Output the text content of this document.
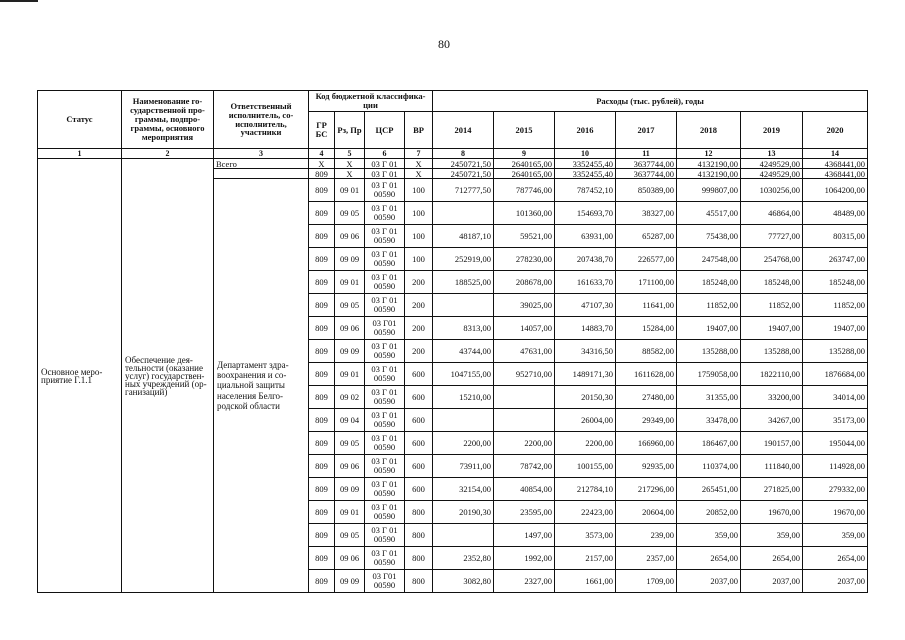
80
Статус	Наименование го-сударственной про-граммы, подпро-граммы, основного мероприятия	Ответственный исполнитель, со-исполнитель, участники	Код бюджетной классифика-ции				Расходы (тыс. рублей), годы						
			ГР БС	Рз, Пр	ЦСР	ВР	2014	2015	2016	2017	2018	2019	2020
1	2	3	4	5	6	7	8	9	10	11	12	13	14
Основное меро-приятие Г.1.1	Обеспечение дея-тельности (оказание услуг) государствен-ных учреждений (ор-ганизаций)	Всего	X	X	03 Г 01	X	2450721,50	2640165,00	3352455,40	3637744,00	4132190,00	4249529,00	4368441,00
			809	X	03 Г 01	X	2450721,50	2640165,00	3352455,40	3637744,00	4132190,00	4249529,00	4368441,00
		Департамент здра-воохранения и со-циальной защиты населения Белго-родской области	809	09 01	03 Г 01 00590	100	712777,50	787746,00	787452,10	850389,00	999807,00	1030256,00	1064200,00
			809	09 05	03 Г 01 00590	100		101360,00	154693,70	38327,00	45517,00	46864,00	48489,00
			809	09 06	03 Г 01 00590	100	48187,10	59521,00	63931,00	65287,00	75438,00	77727,00	80315,00
			809	09 09	03 Г 01 00590	100	252919,00	278230,00	207438,70	226577,00	247548,00	254768,00	263747,00
			809	09 01	03 Г 01 00590	200	188525,00	208678,00	161633,70	171100,00	185248,00	185248,00	185248,00
			809	09 05	03 Г 01 00590	200		39025,00	47107,30	11641,00	11852,00	11852,00	11852,00
			809	09 06	03 Г01 00590	200	8313,00	14057,00	14883,70	15284,00	19407,00	19407,00	19407,00
			809	09 09	03 Г 01 00590	200	43744,00	47631,00	34316,50	88582,00	135288,00	135288,00	135288,00
			809	09 01	03 Г 01 00590	600	1047155,00	952710,00	1489171,30	1611628,00	1759058,00	1822110,00	1876684,00
			809	09 02	03 Г 01 00590	600	15210,00		20150,30	27480,00	31355,00	33200,00	34014,00
			809	09 04	03 Г 01 00590	600			26004,00	29349,00	33478,00	34267,00	35173,00
			809	09 05	03 Г 01 00590	600	2200,00	2200,00	2200,00	166960,00	186467,00	190157,00	195044,00
			809	09 06	03 Г 01 00590	600	73911,00	78742,00	100155,00	92935,00	110374,00	111840,00	114928,00
			809	09 09	03 Г 01 00590	600	32154,00	40854,00	212784,10	217296,00	265451,00	271825,00	279332,00
			809	09 01	03 Г 01 00590	800	20190,30	23595,00	22423,00	20604,00	20852,00	19670,00	19670,00
			809	09 05	03 Г 01 00590	800		1497,00	3573,00	239,00	359,00	359,00	359,00
			809	09 06	03 Г 01 00590	800	2352,80	1992,00	2157,00	2357,00	2654,00	2654,00	2654,00
			809	09 09	03 Г01 00590	800	3082,80	2327,00	1661,00	1709,00	2037,00	2037,00	2037,00
